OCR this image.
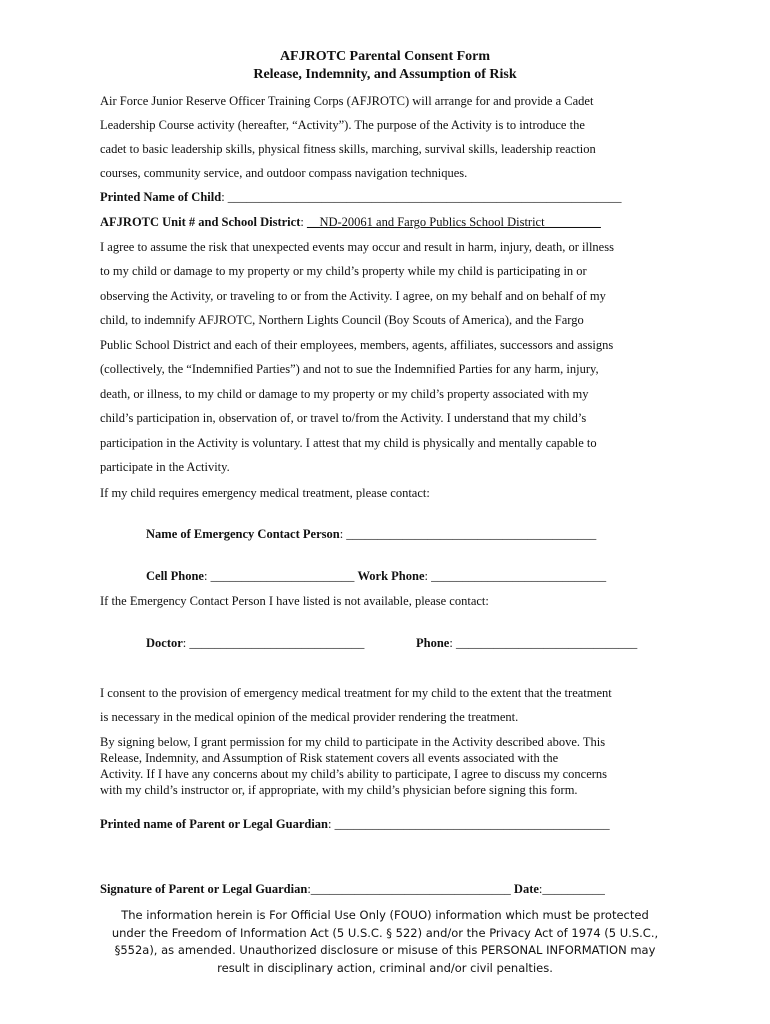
AFJROTC Parental Consent Form
Release, Indemnity, and Assumption of Risk
Air Force Junior Reserve Officer Training Corps (AFJROTC) will arrange for and provide a Cadet
Leadership Course activity (hereafter, “Activity”). The purpose of the Activity is to introduce the
cadet to basic leadership skills, physical fitness skills, marching, survival skills, leadership reaction
courses, community service, and outdoor compass navigation techniques.
Printed Name of Child: _______________________________________________________________
AFJROTC Unit # and School District: __ND-20061 and Fargo Publics School District_________
I agree to assume the risk that unexpected events may occur and result in harm, injury, death, or illness
to my child or damage to my property or my child’s property while my child is participating in or
observing the Activity, or traveling to or from the Activity. I agree, on my behalf and on behalf of my
child, to indemnify AFJROTC, Northern Lights Council (Boy Scouts of America), and the Fargo
Public School District and each of their employees, members, agents, affiliates, successors and assigns
(collectively, the “Indemnified Parties”) and not to sue the Indemnified Parties for any harm, injury,
death, or illness, to my child or damage to my property or my child’s property associated with my
child’s participation in, observation of, or travel to/from the Activity. I understand that my child’s
participation in the Activity is voluntary. I attest that my child is physically and mentally capable to
participate in the Activity.
If my child requires emergency medical treatment, please contact:
Name of Emergency Contact Person: ________________________________________
Cell Phone: _______________________ Work Phone: ____________________________
If the Emergency Contact Person I have listed is not available, please contact:
Doctor: ____________________________	Phone: _____________________________
I consent to the provision of emergency medical treatment for my child to the extent that the treatment
is necessary in the medical opinion of the medical provider rendering the treatment.
By signing below, I grant permission for my child to participate in the Activity described above. This
Release, Indemnity, and Assumption of Risk statement covers all events associated with the
Activity. If I have any concerns about my child’s ability to participate, I agree to discuss my concerns
with my child’s instructor or, if appropriate, with my child’s physician before signing this form.
Printed name of Parent or Legal Guardian: ____________________________________________
Signature of Parent or Legal Guardian:________________________________ Date:__________
The information herein is For Official Use Only (FOUO) information which must be protected
under the Freedom of Information Act (5 U.S.C. § 522) and/or the Privacy Act of 1974 (5 U.S.C.,
§552a), as amended. Unauthorized disclosure or misuse of this PERSONAL INFORMATION may
result in disciplinary action, criminal and/or civil penalties.
